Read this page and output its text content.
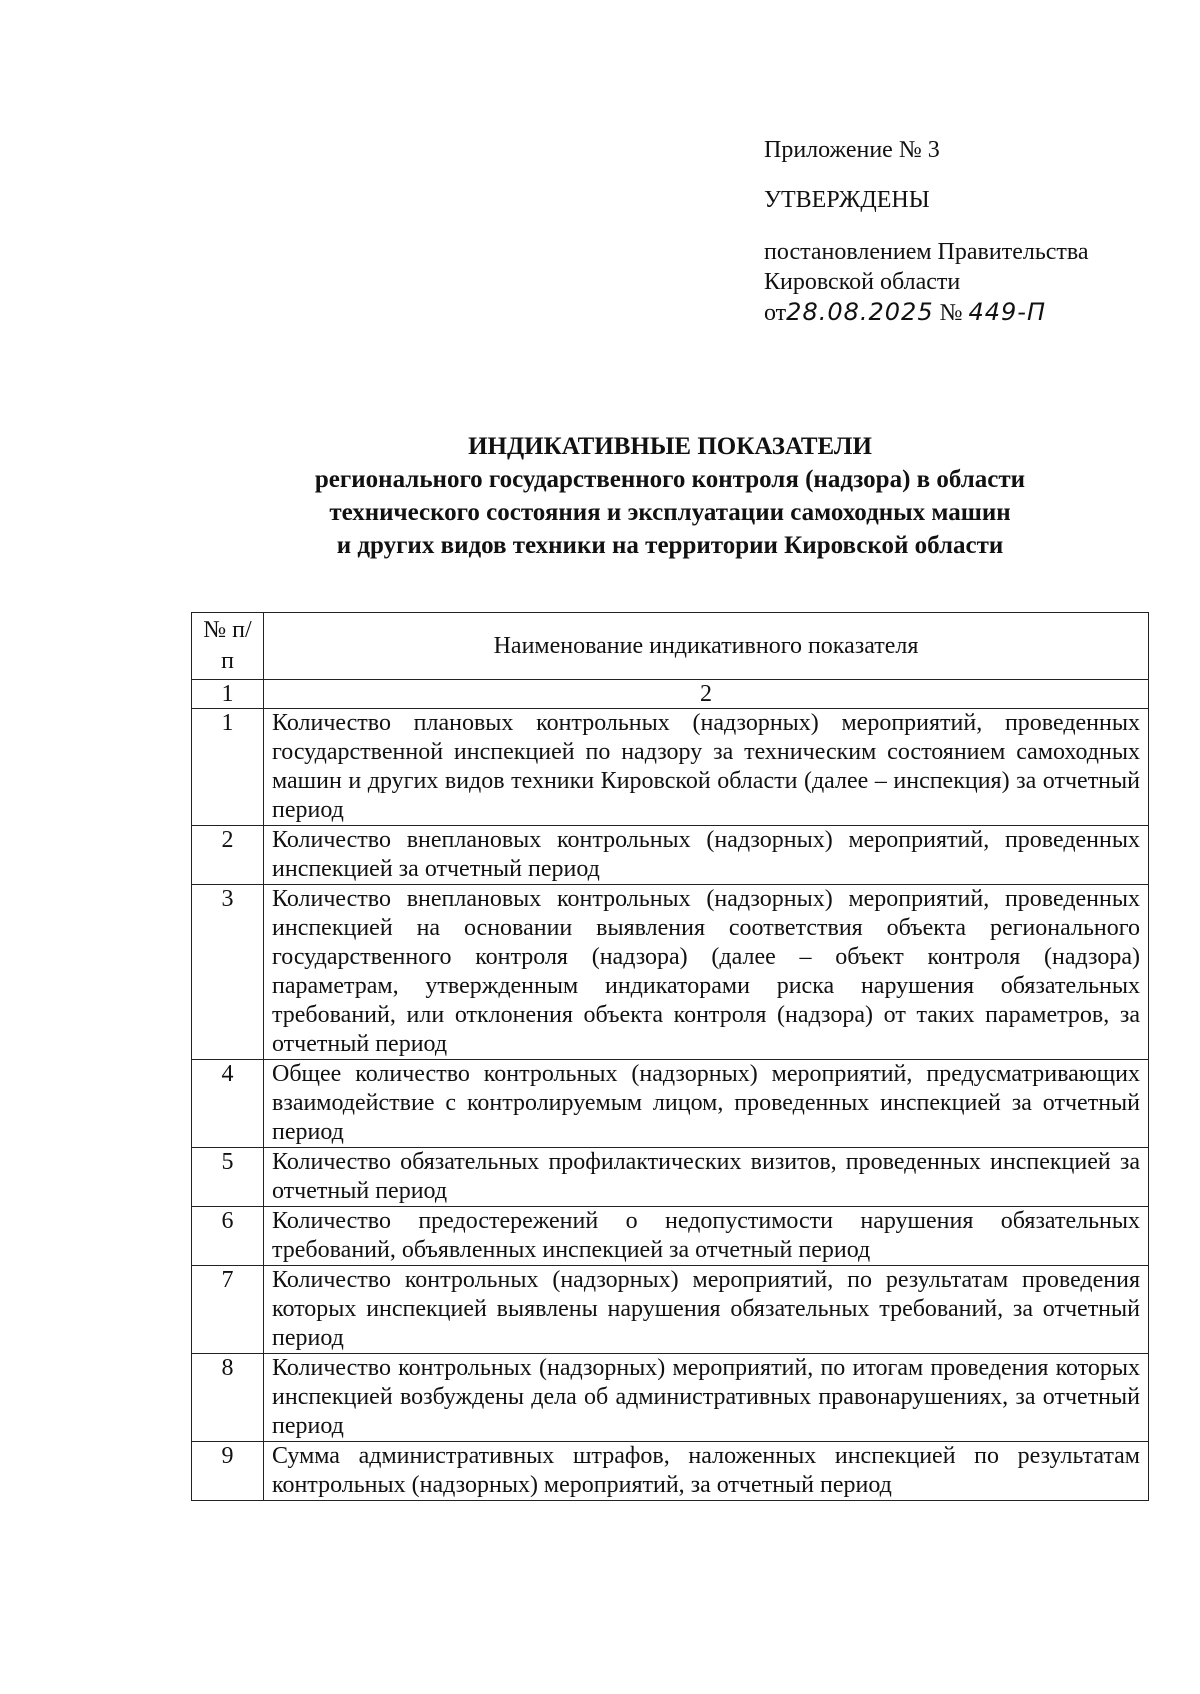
Приложение № 3
УТВЕРЖДЕНЫ
постановлением Правительства
Кировской области
от28.08.2025 № 449-П
ИНДИКАТИВНЫЕ ПОКАЗАТЕЛИ
регионального государственного контроля (надзора) в области
технического состояния и эксплуатации самоходных машин
и других видов техники на территории Кировской области
№ п/п	Наименование индикативного показателя
1	2
1	Количество плановых контрольных (надзорных) мероприятий, проведенных государственной инспекцией по надзору за техническим состоянием самоходных машин и других видов техники Кировской области (далее – инспекция) за отчетный период
2	Количество внеплановых контрольных (надзорных) мероприятий, проведенных инспекцией за отчетный период
3	Количество внеплановых контрольных (надзорных) мероприятий, проведенных инспекцией на основании выявления соответствия объекта регионального государственного контроля (надзора) (далее – объект контроля (надзора) параметрам, утвержденным индикаторами риска нарушения обязательных требований, или отклонения объекта контроля (надзора) от таких параметров, за отчетный период
4	Общее количество контрольных (надзорных) мероприятий, предусматривающих взаимодействие с контролируемым лицом, проведенных инспекцией за отчетный период
5	Количество обязательных профилактических визитов, проведенных инспекцией за отчетный период
6	Количество предостережений о недопустимости нарушения обязательных требований, объявленных инспекцией за отчетный период
7	Количество контрольных (надзорных) мероприятий, по результатам проведения которых инспекцией выявлены нарушения обязательных требований, за отчетный период
8	Количество контрольных (надзорных) мероприятий, по итогам проведения которых инспекцией возбуждены дела об административных правонарушениях, за отчетный период
9	Сумма административных штрафов, наложенных инспекцией по результатам контрольных (надзорных) мероприятий, за отчетный период
